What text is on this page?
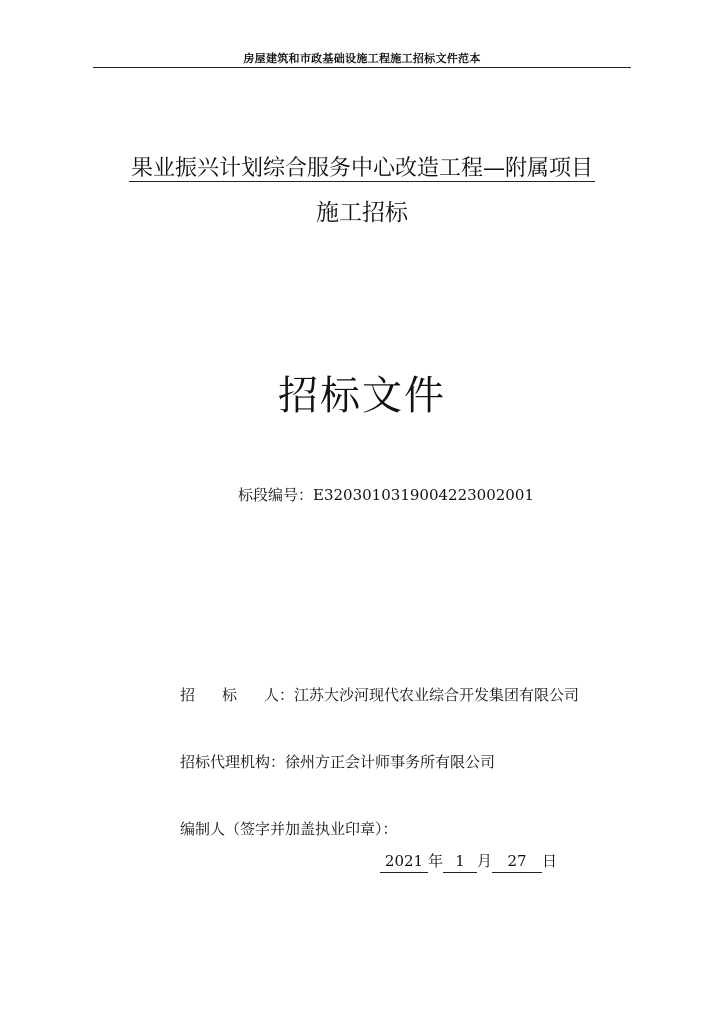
房屋建筑和市政基础设施工程施工招标文件范本
果业振兴计划综合服务中心改造工程—附属项目
施工招标
招标文件
标段编号：E3203010319004223002001
招标人：江苏大沙河现代农业综合开发集团有限公司
招标代理机构：徐州方正会计师事务所有限公司
编制人（签字并加盖执业印章）：
2021 年 1 月 27 日
